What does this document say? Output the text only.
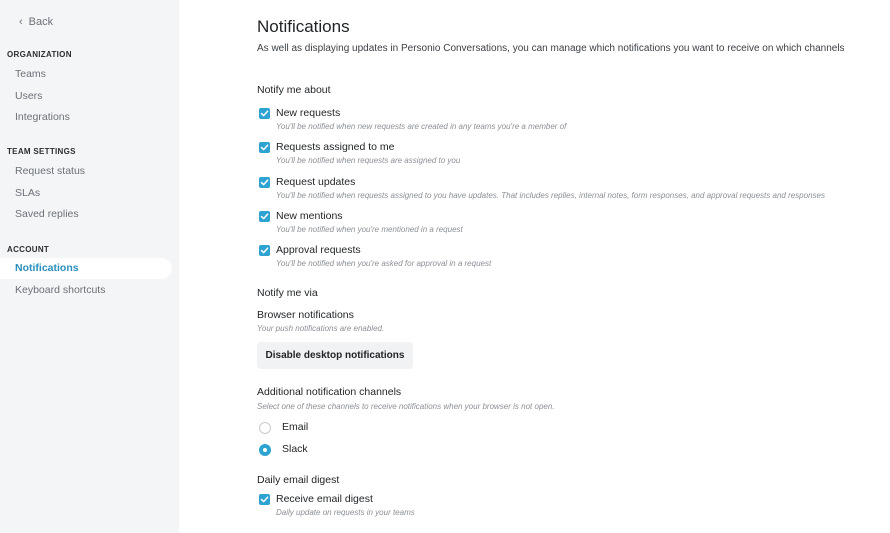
‹ Back
ORGANIZATION
Teams
Users
Integrations
TEAM SETTINGS
Request status
SLAs
Saved replies
ACCOUNT
Notifications
Keyboard shortcuts
Notifications
As well as displaying updates in Personio Conversations, you can manage which notifications you want to receive on which channels
Notify me about
New requests
You'll be notified when new requests are created in any teams you're a member of
Requests assigned to me
You'll be notified when requests are assigned to you
Request updates
You'll be notified when requests assigned to you have updates. That includes replies, internal notes, form responses, and approval requests and responses
New mentions
You'll be notified when you're mentioned in a request
Approval requests
You'll be notified when you're asked for approval in a request
Notify me via
Browser notifications
Your push notifications are enabled.
Disable desktop notifications
Additional notification channels
Select one of these channels to receive notifications when your browser is not open.
Email
Slack
Daily email digest
Receive email digest
Daily update on requests in your teams
